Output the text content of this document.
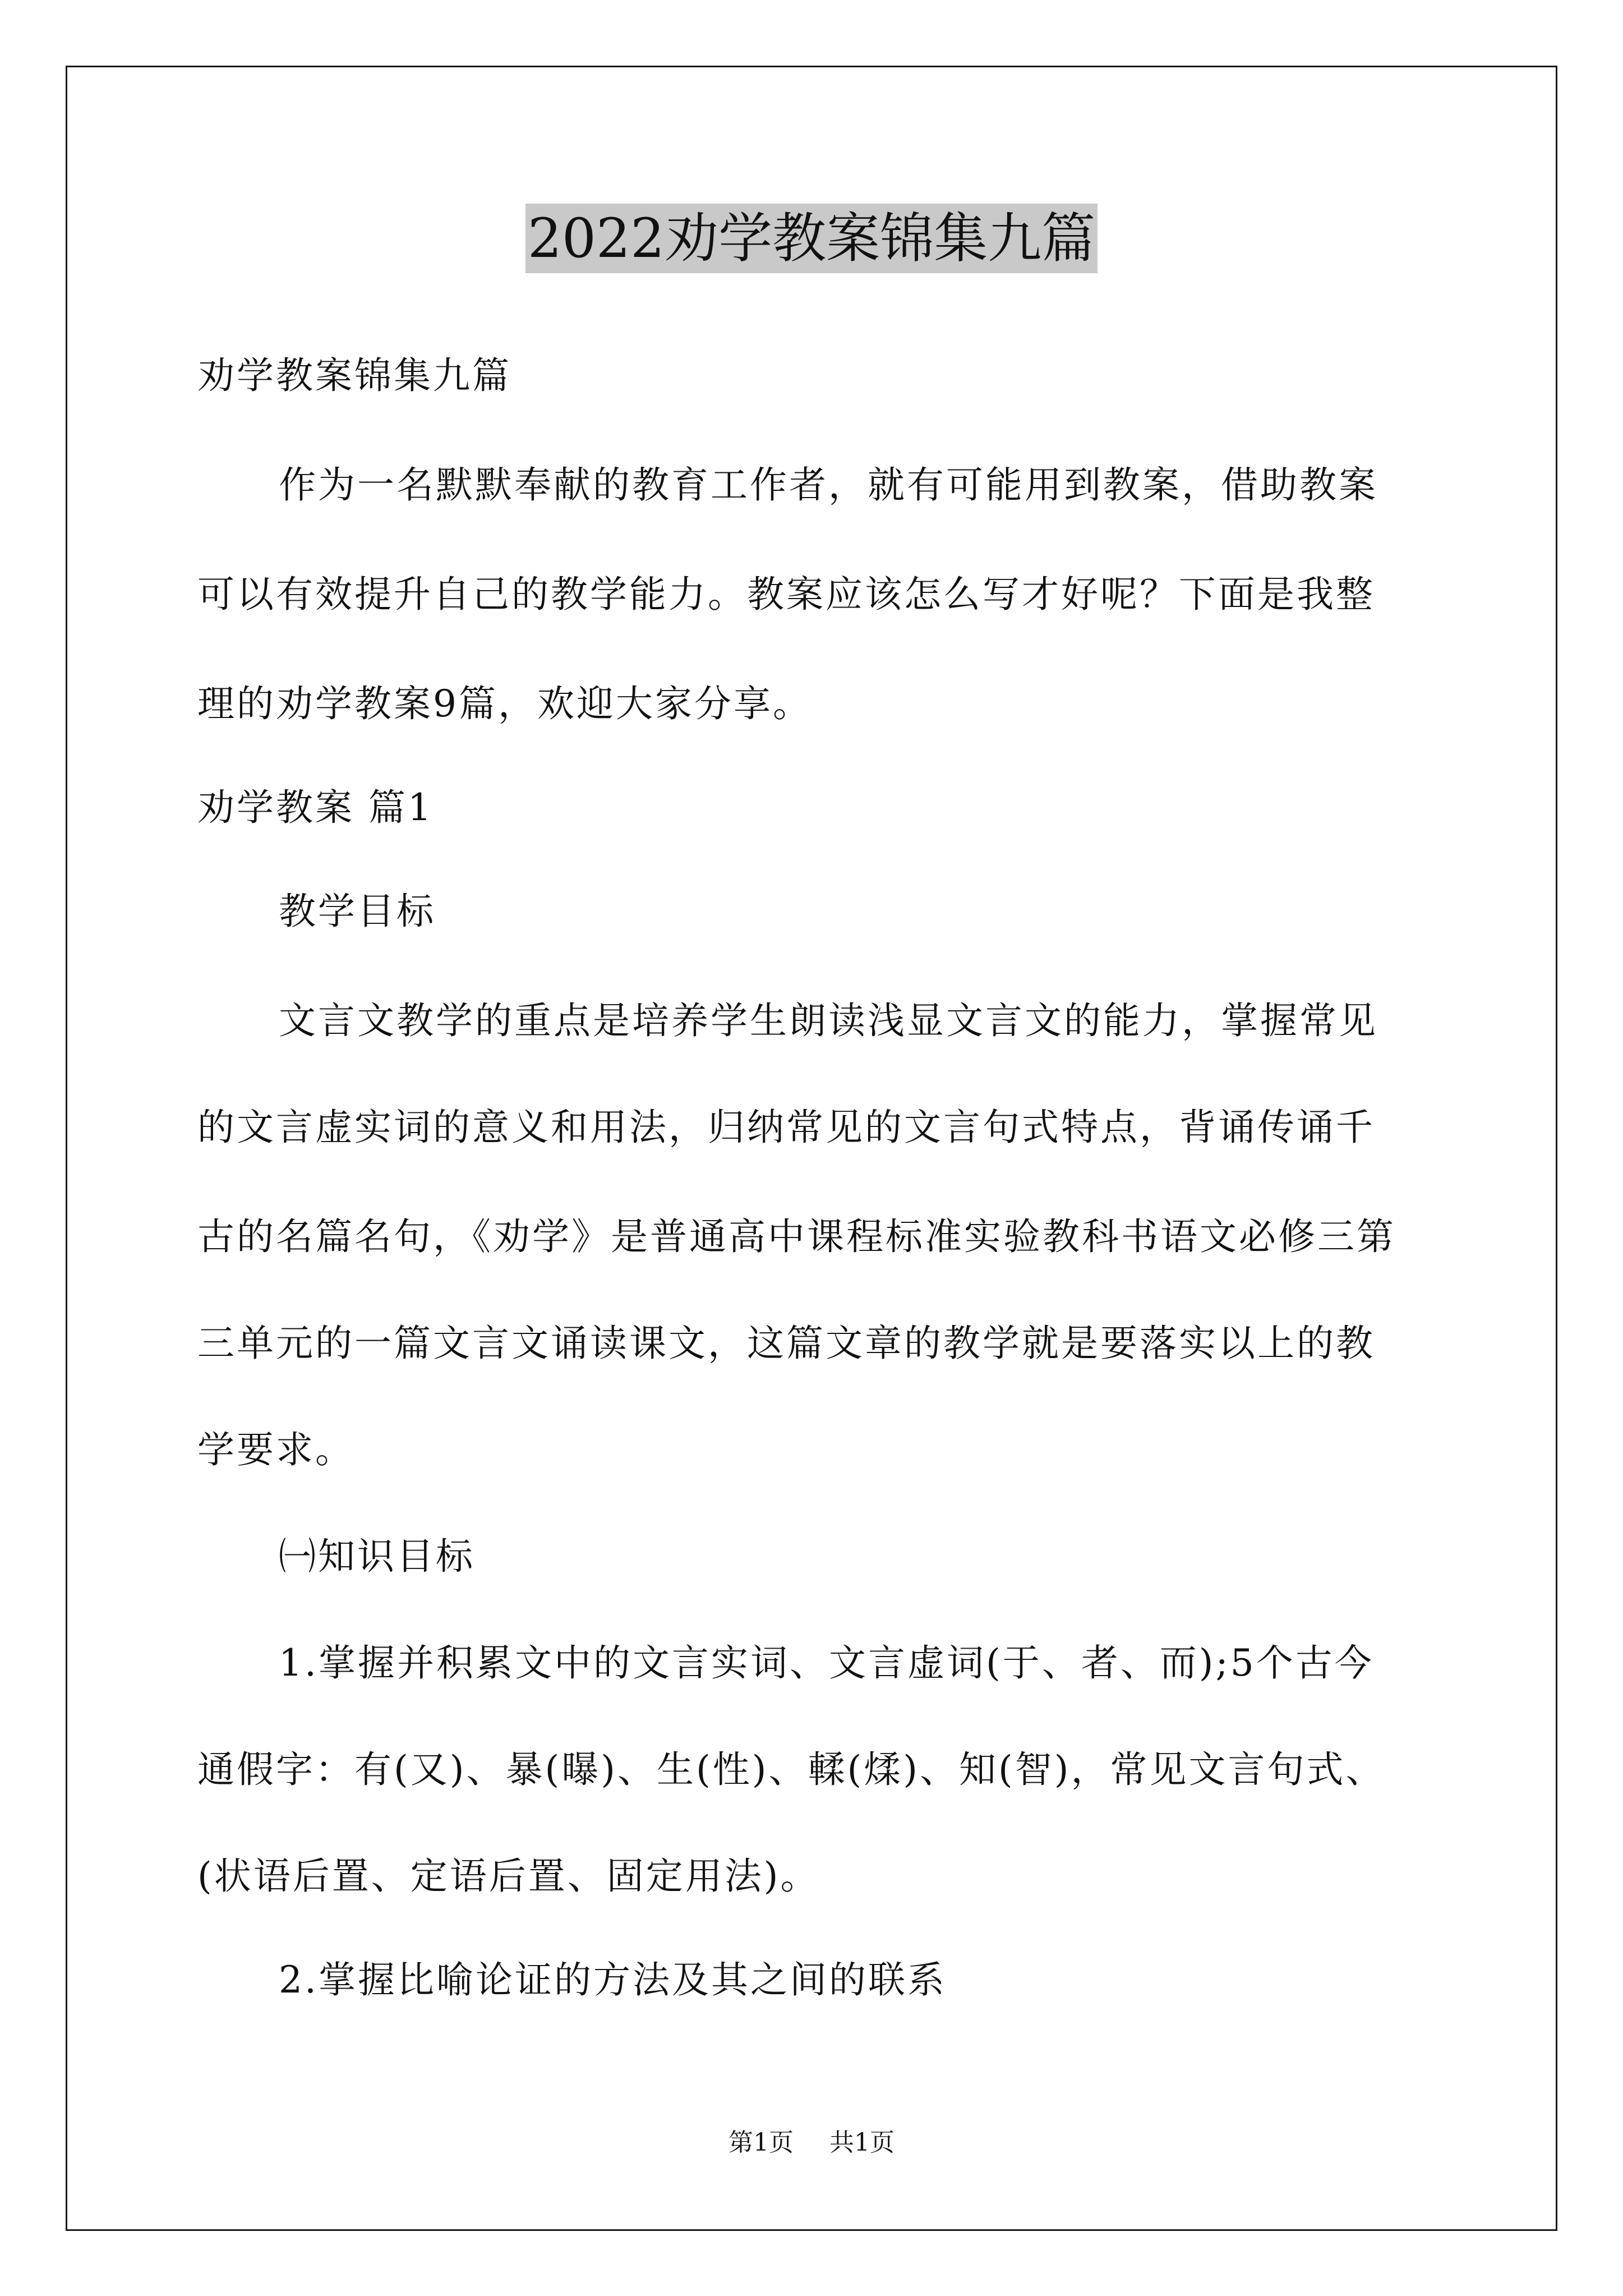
2022劝学教案锦集九篇
劝学教案锦集九篇
作为一名默默奉献的教育工作者，就有可能用到教案，借助教案
可以有效提升自己的教学能力。教案应该怎么写才好呢？下面是我整
理的劝学教案9篇，欢迎大家分享。
劝学教案 篇1
教学目标
文言文教学的重点是培养学生朗读浅显文言文的能力，掌握常见
的文言虚实词的意义和用法，归纳常见的文言句式特点，背诵传诵千
古的名篇名句，《劝学》是普通高中课程标准实验教科书语文必修三第
三单元的一篇文言文诵读课文，这篇文章的教学就是要落实以上的教
学要求。
㈠知识目标
1.掌握并积累文中的文言实词、文言虚词(于、者、而);5个古今
通假字：有(又)、暴(曝)、生(性)、輮(煣)、知(智)，常见文言句式、
(状语后置、定语后置、固定用法)。
2.掌握比喻论证的方法及其之间的联系
第1页 共1页
